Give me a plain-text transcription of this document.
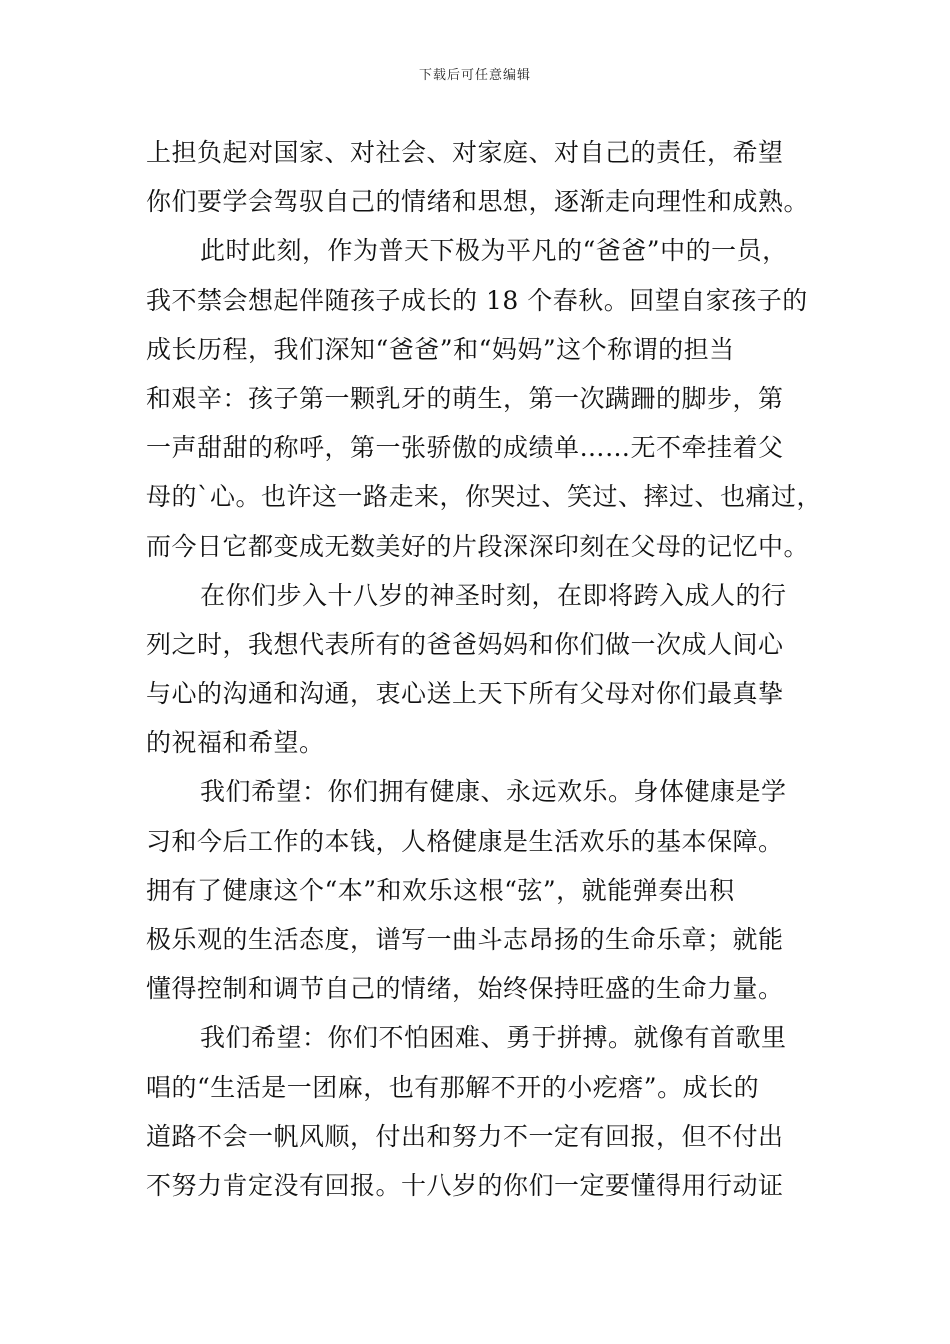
下载后可任意编辑
上担负起对国家、对社会、对家庭、对自己的责任，希望
你们要学会驾驭自己的情绪和思想，逐渐走向理性和成熟。
此时此刻，作为普天下极为平凡的“爸爸”中的一员，
我不禁会想起伴随孩子成长的 18 个春秋。回望自家孩子的
成长历程，我们深知“爸爸”和“妈妈”这个称谓的担当
和艰辛：孩子第一颗乳牙的萌生，第一次蹒跚的脚步，第
一声甜甜的称呼，第一张骄傲的成绩单……无不牵挂着父
母的`心。也许这一路走来，你哭过、笑过、摔过、也痛过，
而今日它都变成无数美好的片段深深印刻在父母的记忆中。
在你们步入十八岁的神圣时刻，在即将跨入成人的行
列之时，我想代表所有的爸爸妈妈和你们做一次成人间心
与心的沟通和沟通，衷心送上天下所有父母对你们最真挚
的祝福和希望。
我们希望：你们拥有健康、永远欢乐。身体健康是学
习和今后工作的本钱，人格健康是生活欢乐的基本保障。
拥有了健康这个“本”和欢乐这根“弦”，就能弹奏出积
极乐观的生活态度，谱写一曲斗志昂扬的生命乐章；就能
懂得控制和调节自己的情绪，始终保持旺盛的生命力量。
我们希望：你们不怕困难、勇于拼搏。就像有首歌里
唱的“生活是一团麻，也有那解不开的小疙瘩”。成长的
道路不会一帆风顺，付出和努力不一定有回报，但不付出
不努力肯定没有回报。十八岁的你们一定要懂得用行动证
